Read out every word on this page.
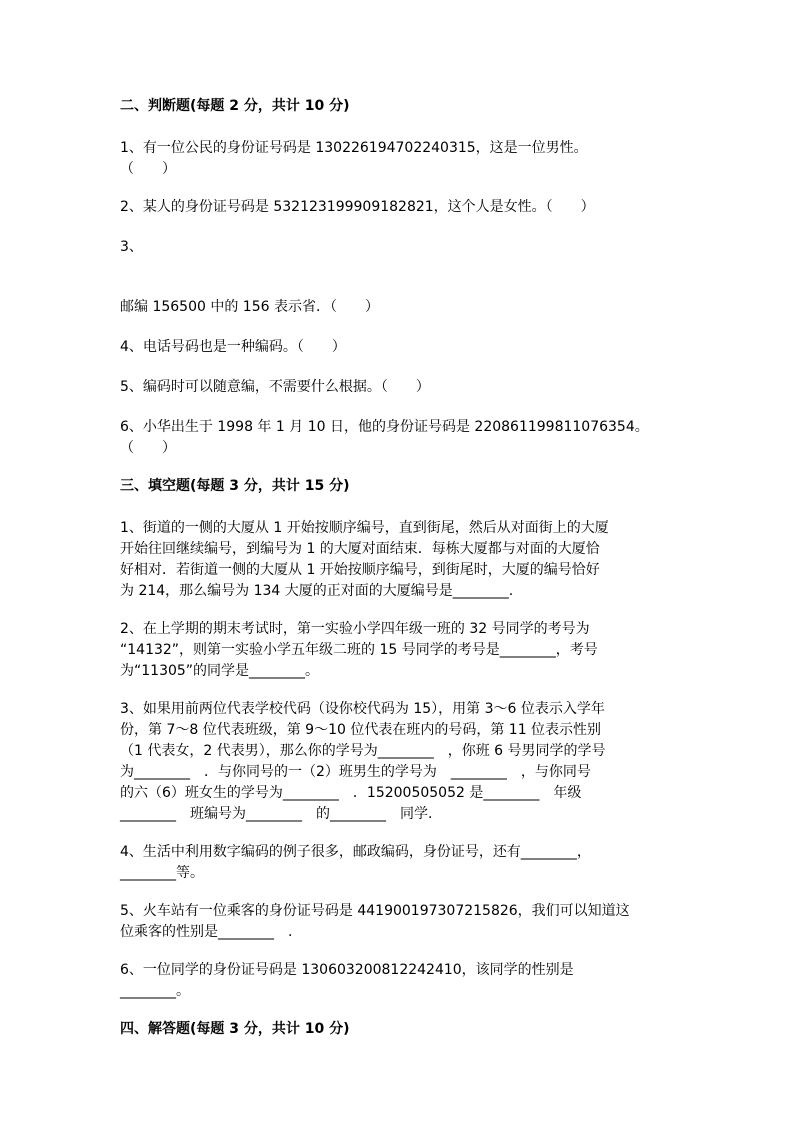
二、判断题(每题 2 分，共计 10 分)
1、有一位公民的身份证号码是 130226194702240315，这是一位男性。
（　　）
2、某人的身份证号码是 532123199909182821，这个人是女性。（　　）
3、
邮编 156500 中的 156 表示省．（　　）
4、电话号码也是一种编码。（　　）
5、编码时可以随意编，不需要什么根据。（　　）
6、小华出生于 1998 年 1 月 10 日，他的身份证号码是 220861199811076354。
（　　）
三、填空题(每题 3 分，共计 15 分)
1、街道的一侧的大厦从 1 开始按顺序编号，直到街尾，然后从对面街上的大厦
开始往回继续编号，到编号为 1 的大厦对面结束．每栋大厦都与对面的大厦恰
好相对．若街道一侧的大厦从 1 开始按顺序编号，到街尾时，大厦的编号恰好
为 214，那么编号为 134 大厦的正对面的大厦编号是________.
2、在上学期的期末考试时，第一实验小学四年级一班的 32 号同学的考号为
“14132”，则第一实验小学五年级二班的 15 号同学的考号是________，考号
为“11305”的同学是________。
3、如果用前两位代表学校代码（设你校代码为 15），用第 3～6 位表示入学年
份，第 7～8 位代表班级，第 9～10 位代表在班内的号码，第 11 位表示性别
（1 代表女，2 代表男），那么你的学号为________　，你班 6 号男同学的学号
为________　．与你同号的一（2）班男生的学号为　________　，与你同号
的六（6）班女生的学号为________　．15200505052 是________　年级
________　班编号为________　的________　同学.
4、生活中利用数字编码的例子很多，邮政编码，身份证号，还有________，
________等。
5、火车站有一位乘客的身份证号码是 441900197307215826，我们可以知道这
位乘客的性别是________　.
6、一位同学的身份证号码是 130603200812242410，该同学的性别是
________。
四、解答题(每题 3 分，共计 10 分)
